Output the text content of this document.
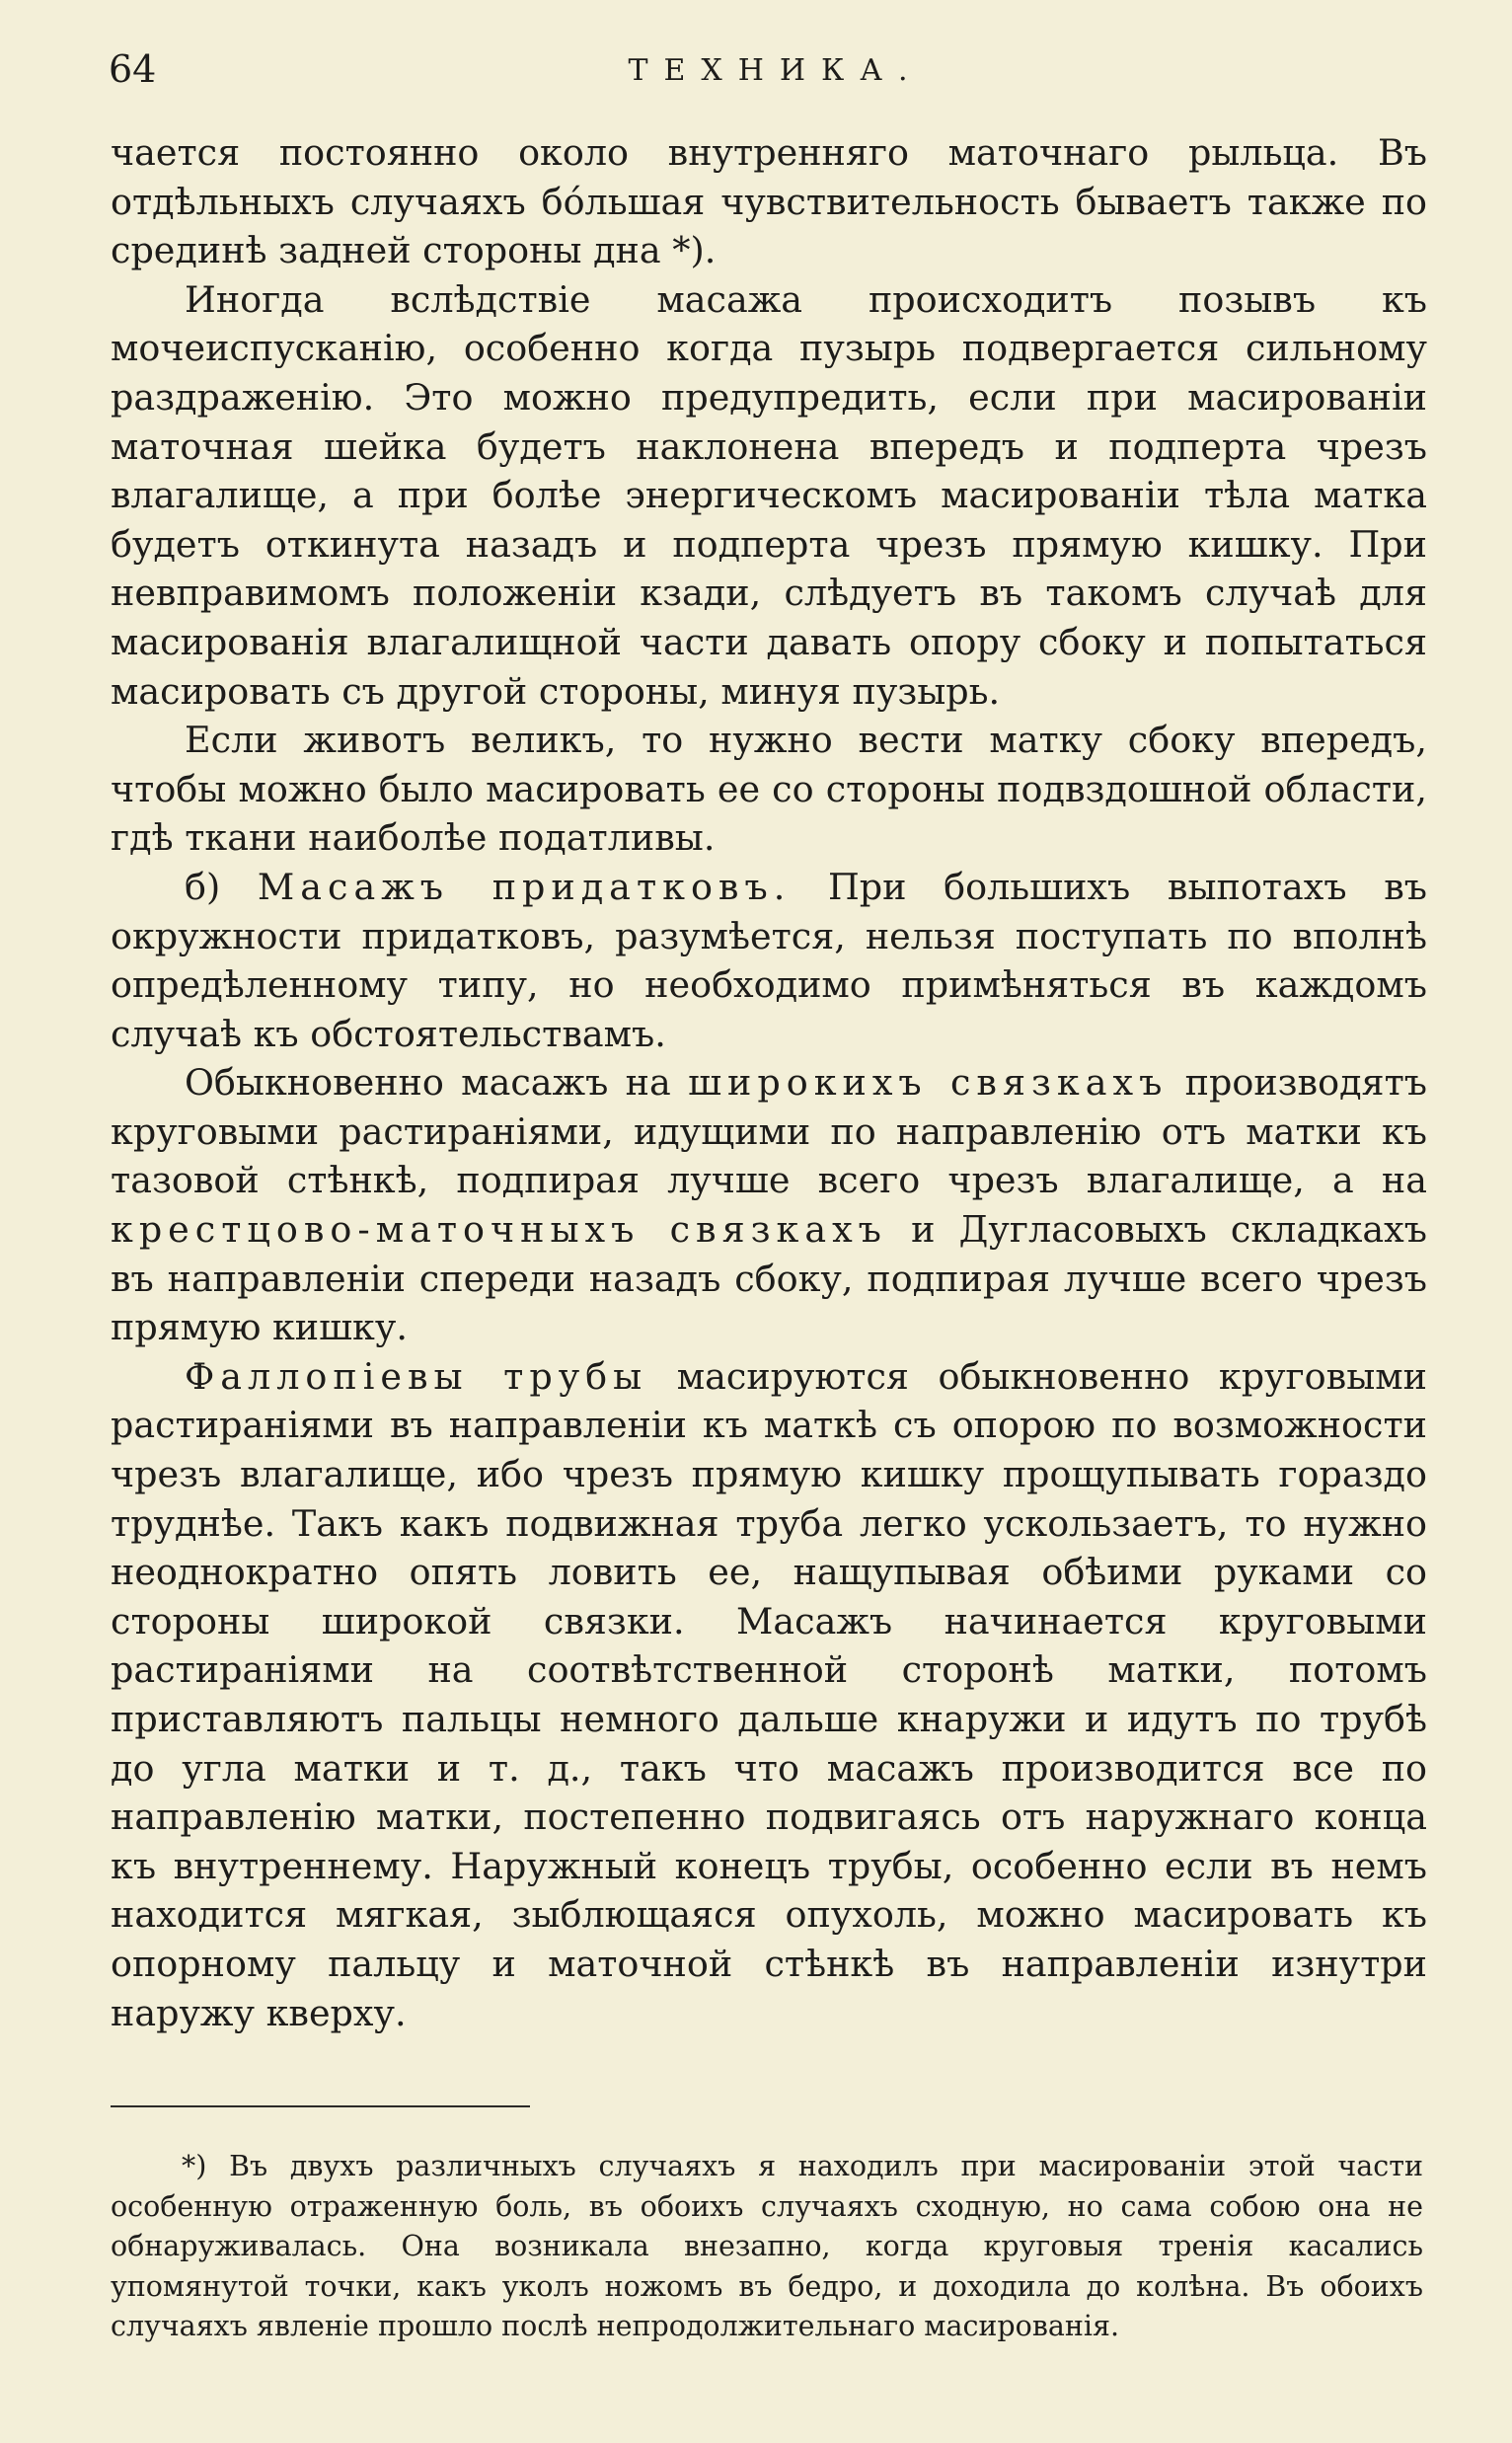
64	ТЕХНИКА.

чается постоянно около внутренняго маточнаго рыльца. Въ отдѣльныхъ случаяхъ бо́льшая чувствительность бываетъ также по срединѣ задней стороны дна *).

Иногда вслѣдствіе масажа происходитъ позывъ къ мочеиспусканію, особенно когда пузырь подвергается сильному раздраженію. Это можно предупредить, если при масированіи маточная шейка будетъ наклонена впередъ и подперта чрезъ влагалище, а при болѣе энергическомъ масированіи тѣла матка будетъ откинута назадъ и подперта чрезъ прямую кишку. При невправимомъ положеніи кзади, слѣдуетъ въ такомъ случаѣ для масированія влагалищной части давать опору сбоку и попытаться масировать съ другой стороны, минуя пузырь.

Если животъ великъ, то нужно вести матку сбоку впередъ, чтобы можно было масировать ее со стороны подвздошной области, гдѣ ткани наиболѣе податливы.

б) Масажъ придатковъ. При большихъ выпотахъ въ окружности придатковъ, разумѣется, нельзя поступать по вполнѣ опредѣленному типу, но необходимо примѣняться въ каждомъ случаѣ къ обстоятельствамъ.

Обыкновенно масажъ на широкихъ связкахъ производятъ круговыми растираніями, идущими по направленію отъ матки къ тазовой стѣнкѣ, подпирая лучше всего чрезъ влагалище, а на крестцово-маточныхъ связкахъ и Дугласовыхъ складкахъ въ направленіи спереди назадъ сбоку, подпирая лучше всего чрезъ прямую кишку.

Фаллопіевы трубы масируются обыкновенно круговыми растираніями въ направленіи къ маткѣ съ опорою по возможности чрезъ влагалище, ибо чрезъ прямую кишку прощупывать гораздо труднѣе. Такъ какъ подвижная труба легко ускользаетъ, то нужно неоднократно опять ловить ее, нащупывая обѣими руками со стороны широкой связки. Масажъ начинается круговыми растираніями на соотвѣтственной сторонѣ матки, потомъ приставляютъ пальцы немного дальше кнаружи и идутъ по трубѣ до угла матки и т. д., такъ что масажъ производится все по направленію матки, постепенно подвигаясь отъ наружнаго конца къ внутреннему. Наружный конецъ трубы, особенно если въ немъ находится мягкая, зыблющаяся опухоль, можно масировать къ опорному пальцу и маточной стѣнкѣ въ направленіи изнутри наружу кверху.

*) Въ двухъ различныхъ случаяхъ я находилъ при масированіи этой части особенную отраженную боль, въ обоихъ случаяхъ сходную, но сама собою она не обнаруживалась. Она возникала внезапно, когда круговыя тренія касались упомянутой точки, какъ уколъ ножомъ въ бедро, и доходила до колѣна. Въ обоихъ случаяхъ явленіе прошло послѣ непродолжительнаго масированія.
